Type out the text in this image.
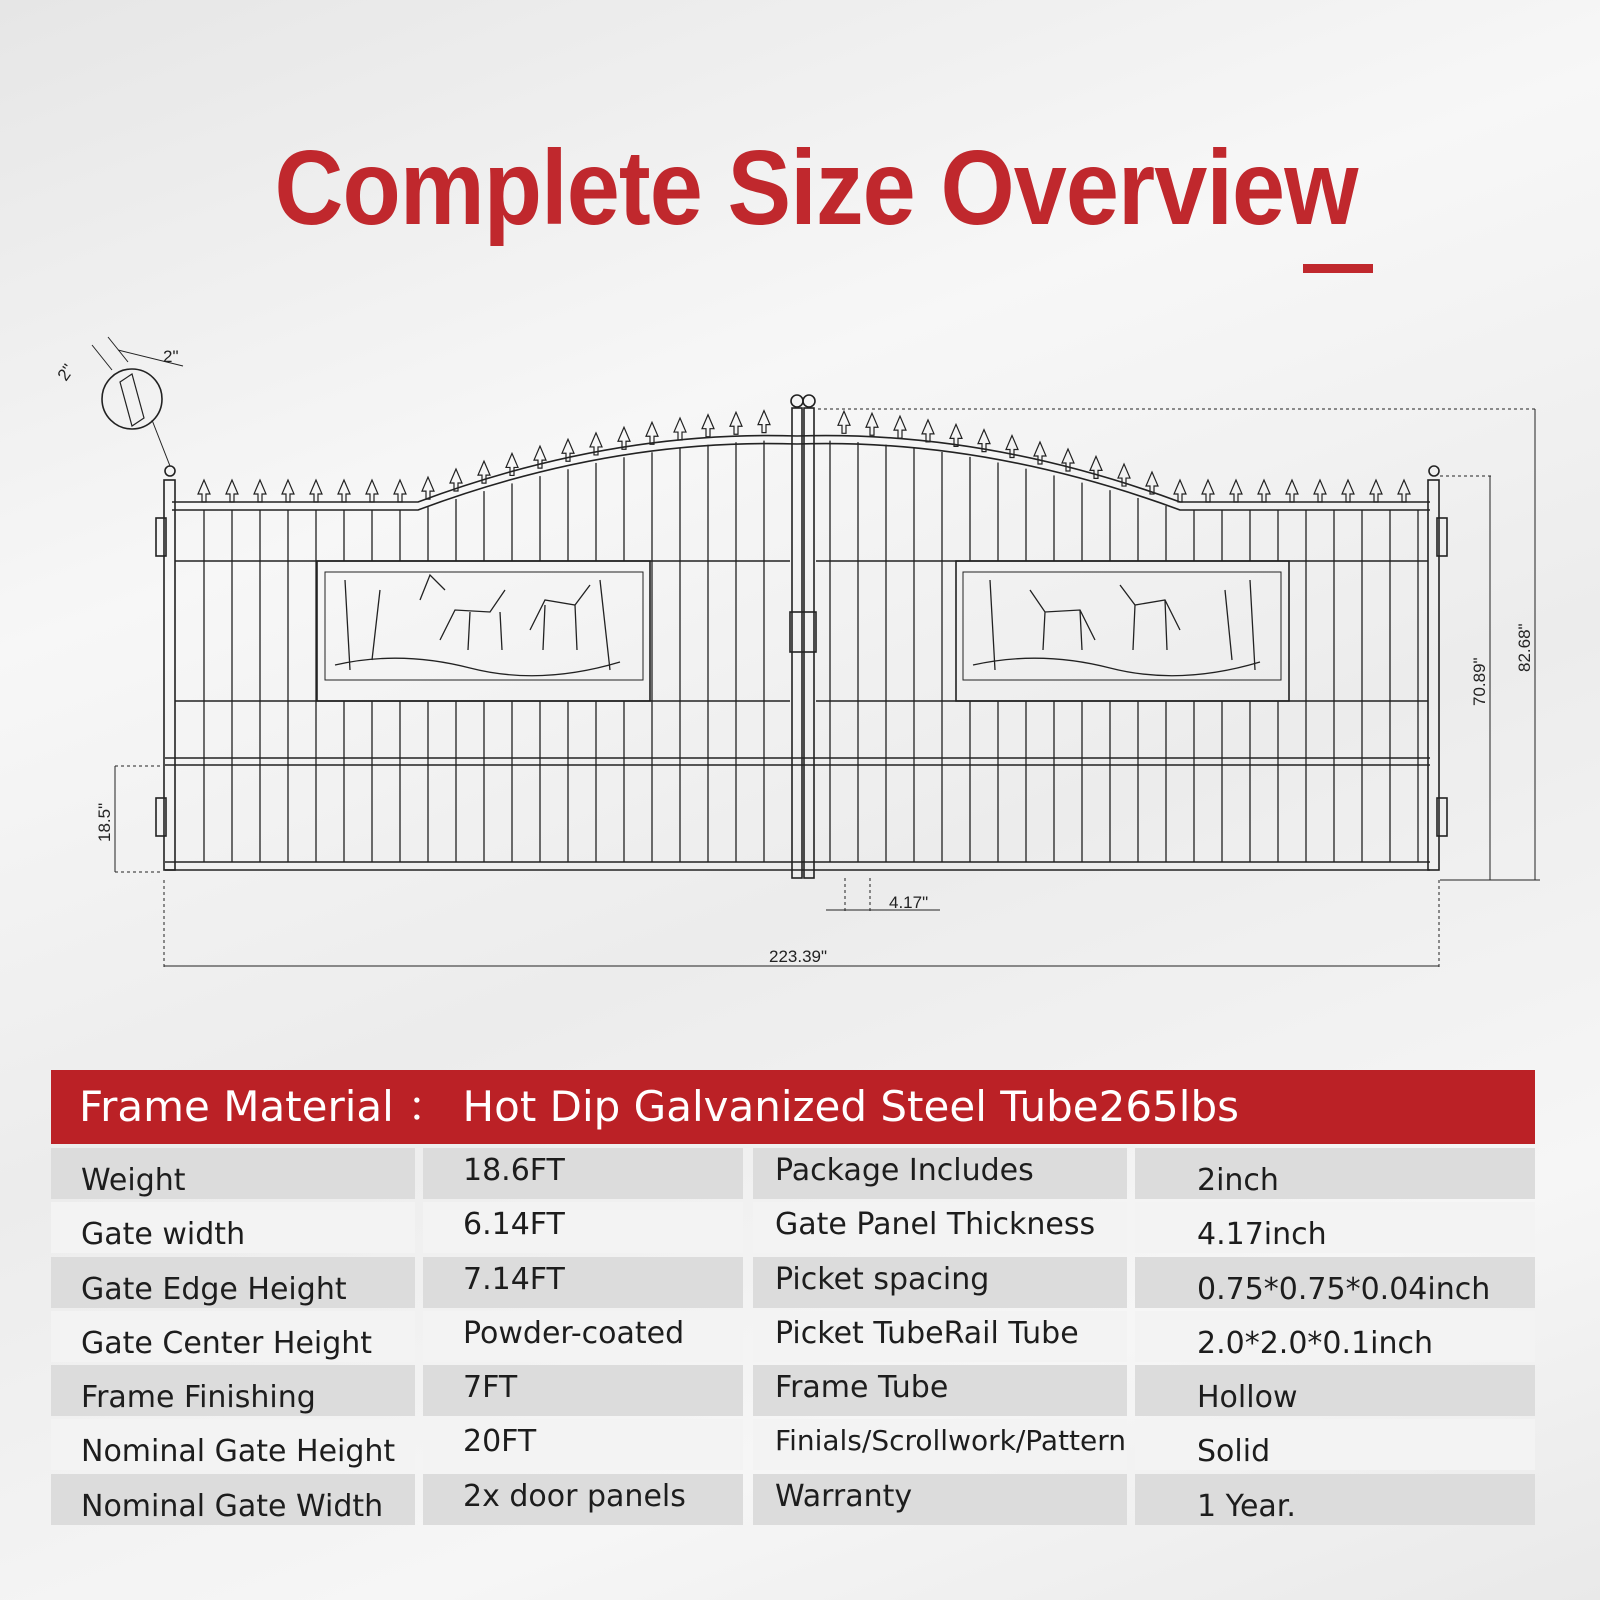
Complete Size Overview
2"
2"
18.5"
70.89"
82.68"
4.17"
223.39"
Frame Material ： Hot Dip Galvanized Steel Tube265lbs
Weight	18.6FT	Package Includes	2inch
Gate width	6.14FT	Gate Panel Thickness	4.17inch
Gate Edge Height	7.14FT	Picket spacing	0.75*0.75*0.04inch
Gate Center Height	Powder-coated	Picket TubeRail Tube	2.0*2.0*0.1inch
Frame Finishing	7FT	Frame Tube	Hollow
Nominal Gate Height	20FT	Finials/Scrollwork/Pattern	Solid
Nominal Gate Width	2x door panels	Warranty	1 Year.
